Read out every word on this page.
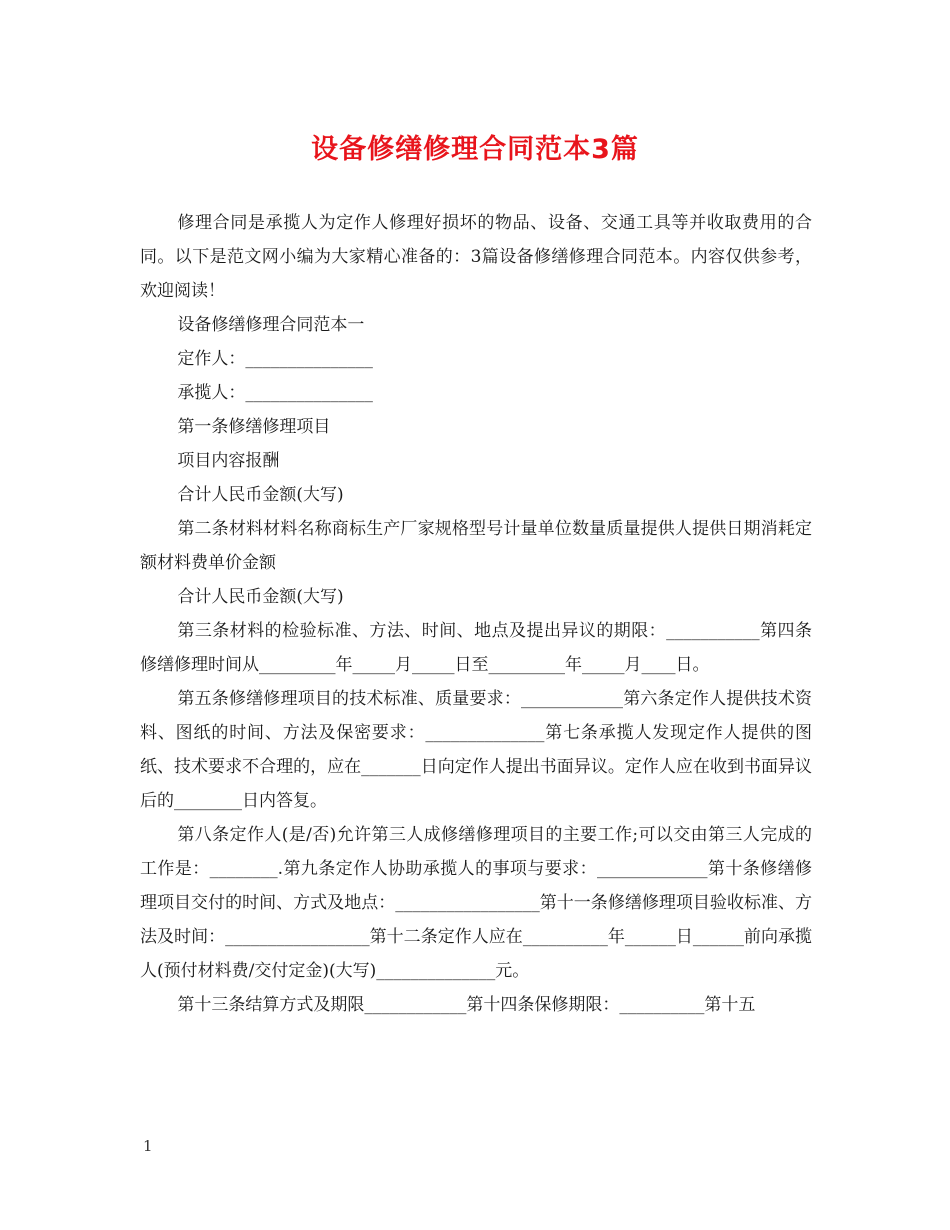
设备修缮修理合同范本3篇

修理合同是承揽人为定作人修理好损坏的物品、设备、交通工具等并收取费用的合同。以下是范文网小编为大家精心准备的：3篇设备修缮修理合同范本。内容仅供参考，欢迎阅读！

设备修缮修理合同范本一

定作人：_______________

承揽人：_______________

第一条修缮修理项目

项目内容报酬

合计人民币金额(大写)

第二条材料材料名称商标生产厂家规格型号计量单位数量质量提供人提供日期消耗定额材料费单价金额

合计人民币金额(大写)

第三条材料的检验标准、方法、时间、地点及提出异议的期限：___________第四条修缮修理时间从_________年_____月_____日至_________年_____月____日。

第五条修缮修理项目的技术标准、质量要求：____________第六条定作人提供技术资料、图纸的时间、方法及保密要求：______________第七条承揽人发现定作人提供的图纸、技术要求不合理的，应在_______日向定作人提出书面异议。定作人应在收到书面异议后的________日内答复。

第八条定作人(是/否)允许第三人成修缮修理项目的主要工作;可以交由第三人完成的工作是：________.第九条定作人协助承揽人的事项与要求：_____________第十条修缮修理项目交付的时间、方式及地点：_________________第十一条修缮修理项目验收标准、方法及时间：_________________第十二条定作人应在__________年______日______前向承揽人(预付材料费/交付定金)(大写)______________元。

第十三条结算方式及期限____________第十四条保修期限：__________第十五

1
